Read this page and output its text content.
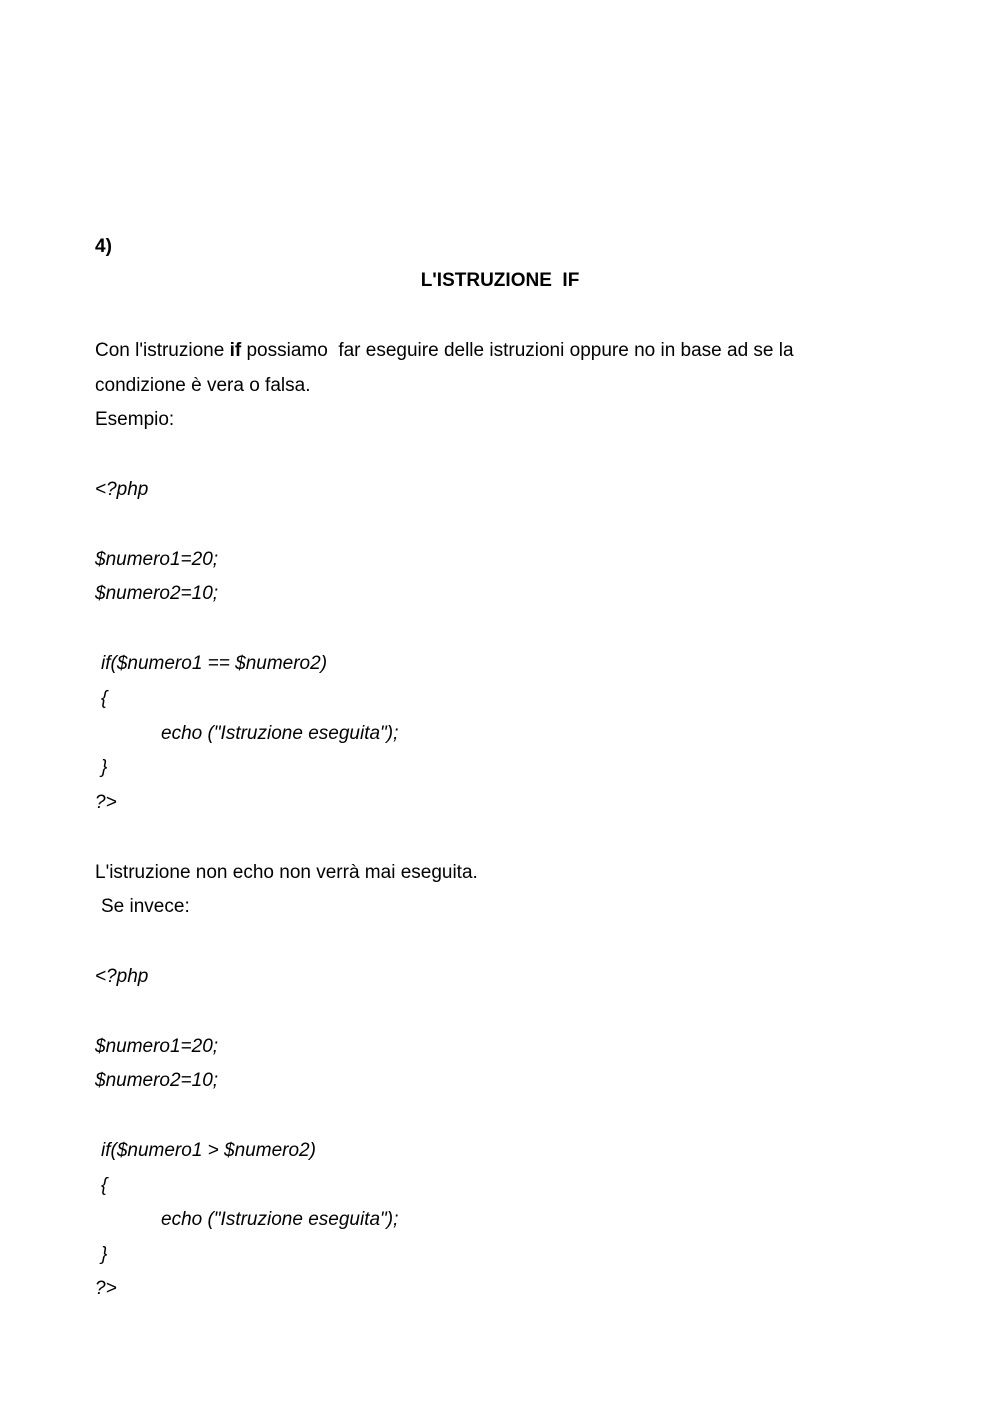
4)
L'ISTRUZIONE  IF
Con l'istruzione if possiamo  far eseguire delle istruzioni oppure no in base ad se la
condizione è vera o falsa.
Esempio:
<?php
$numero1=20;
$numero2=10;
if($numero1 == $numero2)
{
echo ("Istruzione eseguita");
}
?>
L'istruzione non echo non verrà mai eseguita.
Se invece:
<?php
$numero1=20;
$numero2=10;
if($numero1 > $numero2)
{
echo ("Istruzione eseguita");
}
?>
